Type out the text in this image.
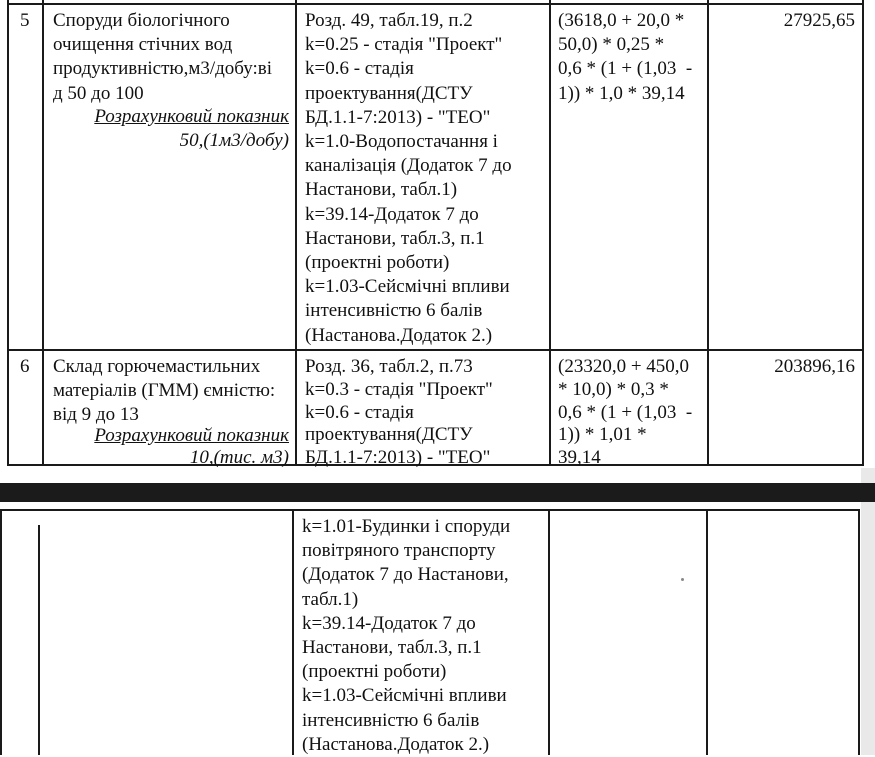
5 Споруди біологічного
очищення стічних вод
продуктивністю,м3/добу:ві
д 50 до 100
Розрахунковий показник
50,(1м3/добу)
Розд. 49, табл.19, п.2
k=0.25 - стадія "Проект"
k=0.6 - стадія
проектування(ДСТУ
БД.1.1-7:2013) - "ТЕО"
k=1.0-Водопостачання і
каналізація (Додаток 7 до
Настанови, табл.1)
k=39.14-Додаток 7 до
Настанови, табл.3, п.1
(проектні роботи)
k=1.03-Сейсмічні впливи
інтенсивністю 6 балів
(Настанова.Додаток 2.)
(3618,0 + 20,0 *
50,0) * 0,25 *
0,6 * (1 + (1,03  -
1)) * 1,0 * 39,14
27925,65
6 Склад горючемастильних
матеріалів (ГММ) ємністю:
від 9 до 13
Розрахунковий показник
10,(тис. м3)
Розд. 36, табл.2, п.73
k=0.3 - стадія "Проект"
k=0.6 - стадія
проектування(ДСТУ
БД.1.1-7:2013) - "ТЕО"
(23320,0 + 450,0
* 10,0) * 0,3 *
0,6 * (1 + (1,03  -
1)) * 1,01 *
39,14
203896,16
k=1.01-Будинки і споруди
повітряного транспорту
(Додаток 7 до Настанови,
табл.1)
k=39.14-Додаток 7 до
Настанови, табл.3, п.1
(проектні роботи)
k=1.03-Сейсмічні впливи
інтенсивністю 6 балів
(Настанова.Додаток 2.)
